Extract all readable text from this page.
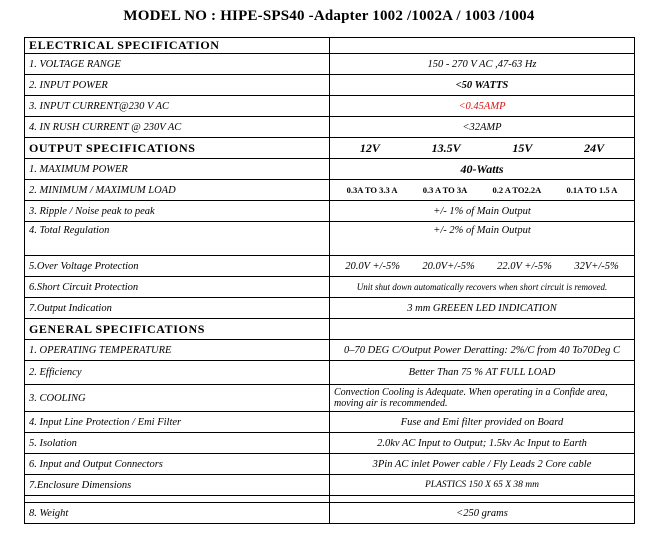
MODEL NO : HIPE-SPS40 -Adapter 1002 /1002A / 1003 /1004
ELECTRICAL SPECIFICATION	
1. VOLTAGE RANGE	150 - 270 V AC ,47-63 Hz
2. INPUT POWER	<50 WATTS
3. INPUT CURRENT@230 V AC	<0.45AMP
4. IN RUSH CURRENT @ 230V AC	<32AMP
OUTPUT SPECIFICATIONS	12V 13.5V 15V 24V

1. MAXIMUM POWER	40-Watts
2. MINIMUM / MAXIMUM LOAD	0.3A TO 3.3 A 0.3 A TO 3A 0.2 A TO2.2A 0.1A TO 1.5 A

3. Ripple / Noise peak to peak	+/- 1% of Main Output
4. Total Regulation	+/- 2% of Main Output
5.Over Voltage Protection	20.0V +/-5% 20.0V+/-5% 22.0V +/-5% 32V+/-5%

6.Short Circuit Protection	Unit shut down automatically recovers when short circuit is removed.
7.Output Indication	3 mm GREEEN LED INDICATION
GENERAL SPECIFICATIONS	
1. OPERATING TEMPERATURE	0–70 DEG C/Output Power Deratting: 2%/C from 40 To70Deg C
2. Efficiency	Better Than 75 % AT FULL LOAD
3. COOLING	Convection Cooling is Adequate. When operating in a Confide area, moving air is recommended.
4. Input Line Protection / Emi Filter	Fuse and Emi filter provided on Board
5. Isolation	2.0kv AC Input to Output; 1.5kv Ac Input to Earth
6. Input and Output Connectors	3Pin AC inlet Power cable / Fly Leads 2 Core cable
7.Enclosure Dimensions	PLASTICS 150 X 65 X 38 mm

8. Weight	<250 grams
